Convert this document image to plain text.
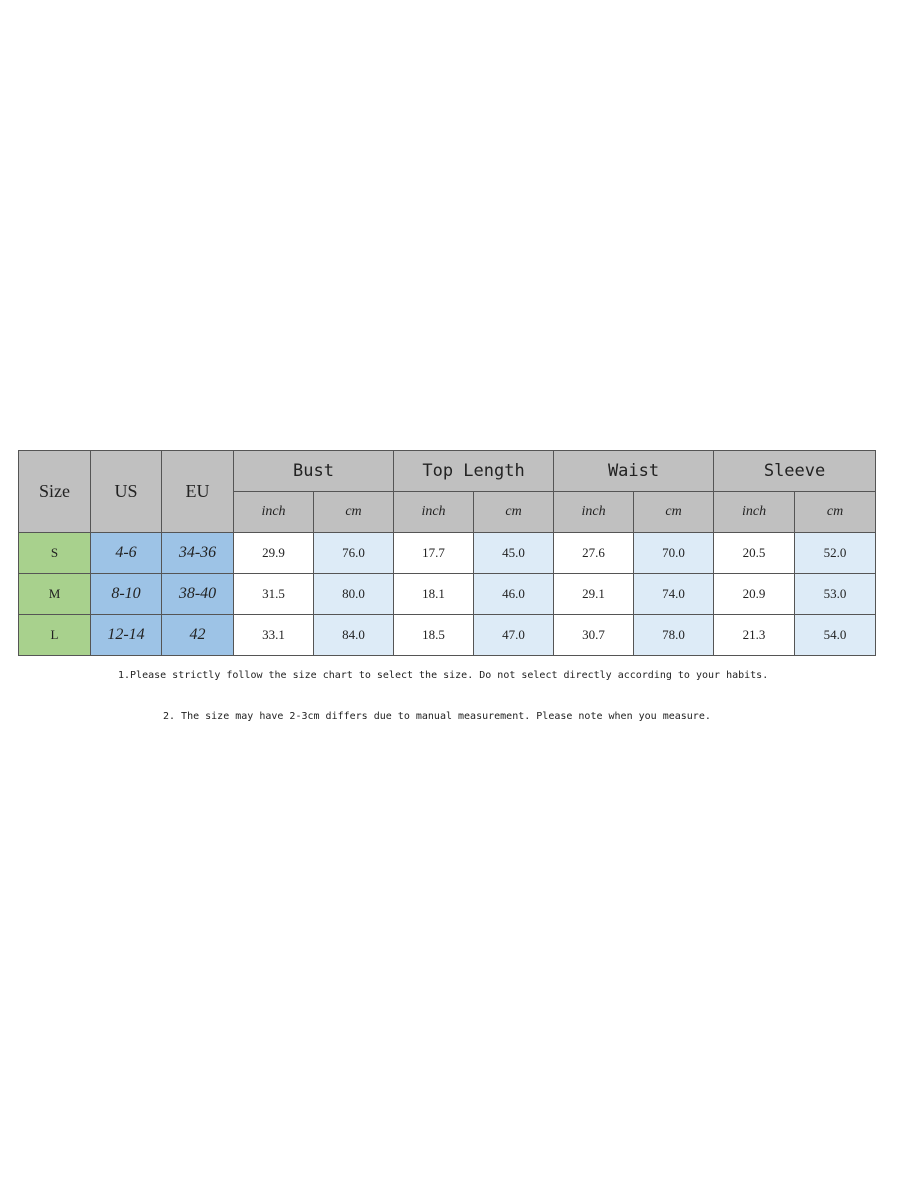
Size	US	EU	Bust		Top Length		Waist		Sleeve	
			inch	cm	inch	cm	inch	cm	inch	cm
S	4-6	34-36	29.9	76.0	17.7	45.0	27.6	70.0	20.5	52.0
M	8-10	38-40	31.5	80.0	18.1	46.0	29.1	74.0	20.9	53.0
L	12-14	42	33.1	84.0	18.5	47.0	30.7	78.0	21.3	54.0
1.Please strictly follow the size chart to select the size. Do not select directly according to your habits.
2. The size may have 2-3cm differs due to manual measurement. Please note when you measure.
